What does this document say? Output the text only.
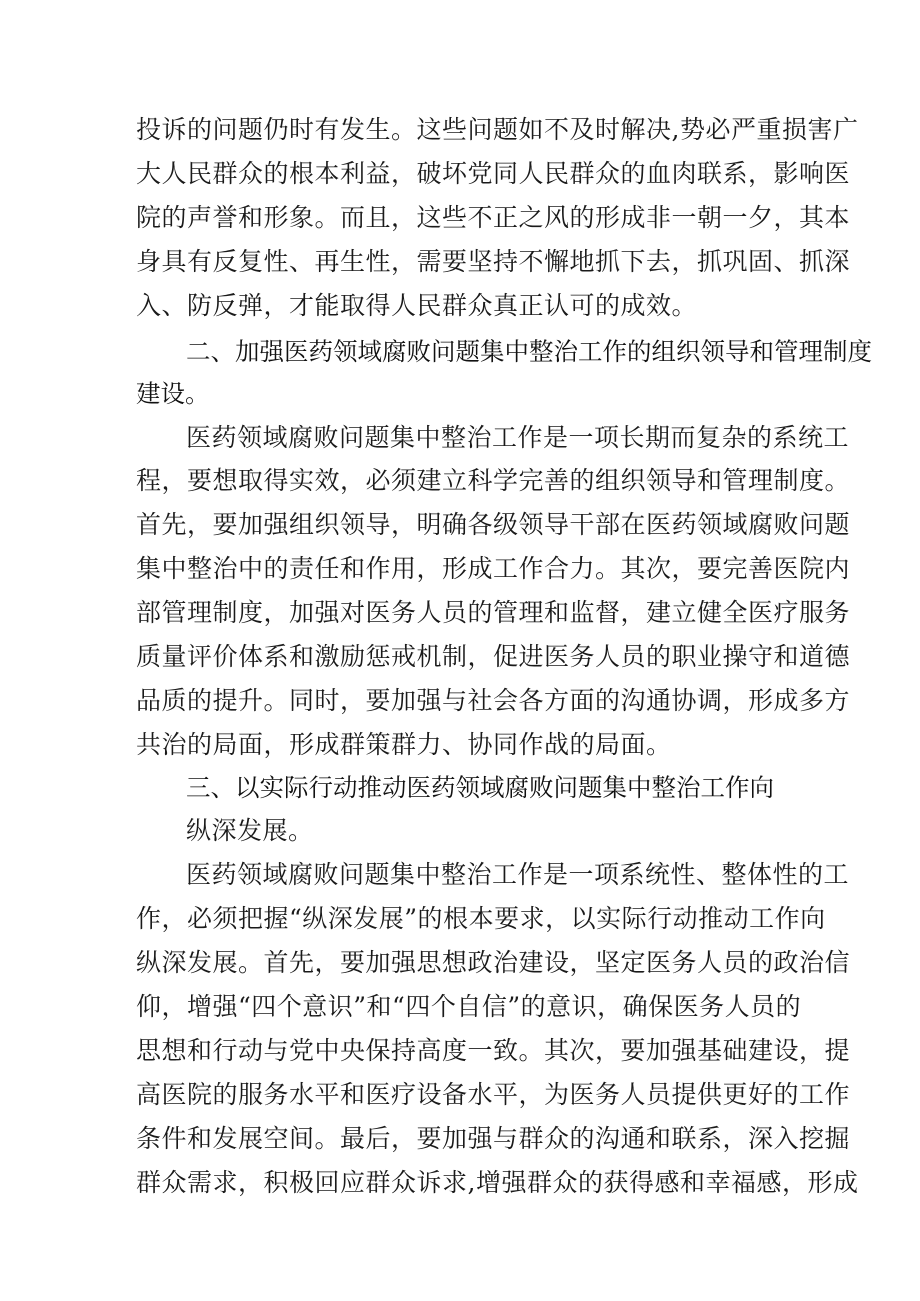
投诉的问题仍时有发生。这些问题如不及时解决,势必严重损害广
大人民群众的根本利益，破坏党同人民群众的血肉联系，影响医
院的声誉和形象。而且，这些不正之风的形成非一朝一夕，其本
身具有反复性、再生性，需要坚持不懈地抓下去，抓巩固、抓深
入、防反弹，才能取得人民群众真正认可的成效。
二、加强医药领域腐败问题集中整治工作的组织领导和管理制度
建设。
医药领域腐败问题集中整治工作是一项长期而复杂的系统工
程，要想取得实效，必须建立科学完善的组织领导和管理制度。
首先，要加强组织领导，明确各级领导干部在医药领域腐败问题
集中整治中的责任和作用，形成工作合力。其次，要完善医院内
部管理制度，加强对医务人员的管理和监督，建立健全医疗服务
质量评价体系和激励惩戒机制，促进医务人员的职业操守和道德
品质的提升。同时，要加强与社会各方面的沟通协调，形成多方
共治的局面，形成群策群力、协同作战的局面。
三、以实际行动推动医药领域腐败问题集中整治工作向
纵深发展。
医药领域腐败问题集中整治工作是一项系统性、整体性的工
作，必须把握“纵深发展”的根本要求，以实际行动推动工作向
纵深发展。首先，要加强思想政治建设，坚定医务人员的政治信
仰，增强“四个意识”和“四个自信”的意识，确保医务人员的
思想和行动与党中央保持高度一致。其次，要加强基础建设，提
高医院的服务水平和医疗设备水平，为医务人员提供更好的工作
条件和发展空间。最后，要加强与群众的沟通和联系，深入挖掘
群众需求，积极回应群众诉求,增强群众的获得感和幸福感，形成
